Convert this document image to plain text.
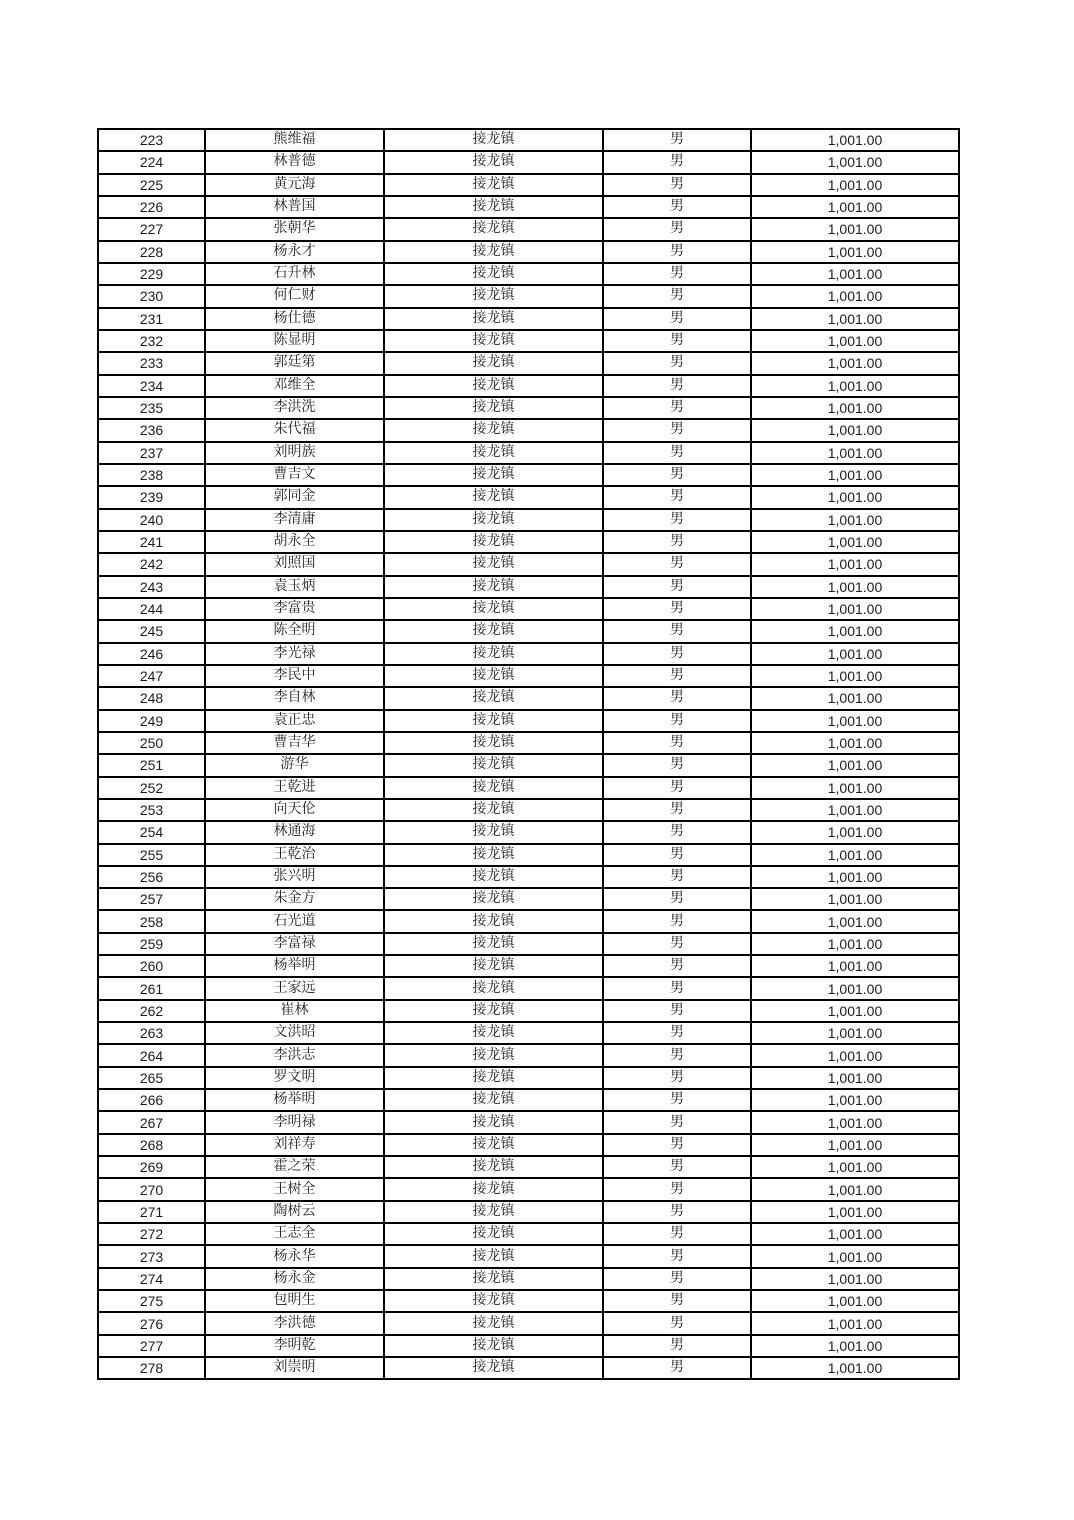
223	熊维福	接龙镇	男	1,001.00
224	林普德	接龙镇	男	1,001.00
225	黄元海	接龙镇	男	1,001.00
226	林普国	接龙镇	男	1,001.00
227	张朝华	接龙镇	男	1,001.00
228	杨永才	接龙镇	男	1,001.00
229	石升林	接龙镇	男	1,001.00
230	何仁财	接龙镇	男	1,001.00
231	杨仕德	接龙镇	男	1,001.00
232	陈显明	接龙镇	男	1,001.00
233	郭廷第	接龙镇	男	1,001.00
234	邓维全	接龙镇	男	1,001.00
235	李洪洗	接龙镇	男	1,001.00
236	朱代福	接龙镇	男	1,001.00
237	刘明族	接龙镇	男	1,001.00
238	曹吉文	接龙镇	男	1,001.00
239	郭同金	接龙镇	男	1,001.00
240	李清庸	接龙镇	男	1,001.00
241	胡永全	接龙镇	男	1,001.00
242	刘照国	接龙镇	男	1,001.00
243	袁玉炳	接龙镇	男	1,001.00
244	李富贵	接龙镇	男	1,001.00
245	陈全明	接龙镇	男	1,001.00
246	李光禄	接龙镇	男	1,001.00
247	李民中	接龙镇	男	1,001.00
248	李自林	接龙镇	男	1,001.00
249	袁正忠	接龙镇	男	1,001.00
250	曹吉华	接龙镇	男	1,001.00
251	游华	接龙镇	男	1,001.00
252	王乾进	接龙镇	男	1,001.00
253	向天伦	接龙镇	男	1,001.00
254	林通海	接龙镇	男	1,001.00
255	王乾治	接龙镇	男	1,001.00
256	张兴明	接龙镇	男	1,001.00
257	朱金方	接龙镇	男	1,001.00
258	石光道	接龙镇	男	1,001.00
259	李富禄	接龙镇	男	1,001.00
260	杨举明	接龙镇	男	1,001.00
261	王家远	接龙镇	男	1,001.00
262	崔林	接龙镇	男	1,001.00
263	文洪昭	接龙镇	男	1,001.00
264	李洪志	接龙镇	男	1,001.00
265	罗文明	接龙镇	男	1,001.00
266	杨举明	接龙镇	男	1,001.00
267	李明禄	接龙镇	男	1,001.00
268	刘祥寿	接龙镇	男	1,001.00
269	霍之荣	接龙镇	男	1,001.00
270	王树全	接龙镇	男	1,001.00
271	陶树云	接龙镇	男	1,001.00
272	王志全	接龙镇	男	1,001.00
273	杨永华	接龙镇	男	1,001.00
274	杨永金	接龙镇	男	1,001.00
275	包明生	接龙镇	男	1,001.00
276	李洪德	接龙镇	男	1,001.00
277	李明乾	接龙镇	男	1,001.00
278	刘崇明	接龙镇	男	1,001.00
